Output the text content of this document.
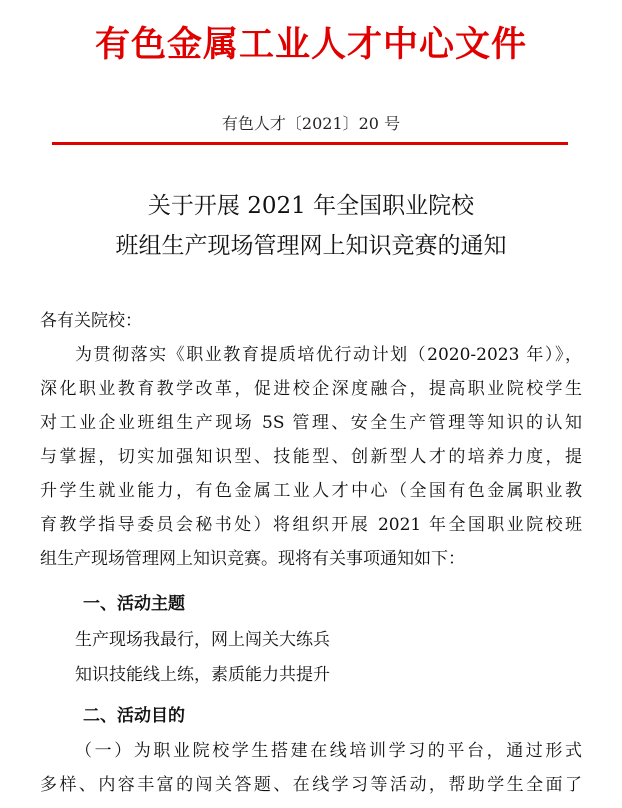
有色金属工业人才中心文件
有色人才〔2021〕20 号
关于开展 2021 年全国职业院校
班组生产现场管理网上知识竞赛的通知
各有关院校：
为贯彻落实《职业教育提质培优行动计划（2020-2023 年）》，
深化职业教育教学改革，促进校企深度融合，提高职业院校学生
对工业企业班组生产现场 5S 管理、安全生产管理等知识的认知
与掌握，切实加强知识型、技能型、创新型人才的培养力度，提
升学生就业能力，有色金属工业人才中心（全国有色金属职业教
育教学指导委员会秘书处）将组织开展 2021 年全国职业院校班
组生产现场管理网上知识竞赛。现将有关事项通知如下：
一、活动主题
生产现场我最行，网上闯关大练兵
知识技能线上练，素质能力共提升
二、活动目的
（一）为职业院校学生搭建在线培训学习的平台，通过形式
多样、内容丰富的闯关答题、在线学习等活动，帮助学生全面了
